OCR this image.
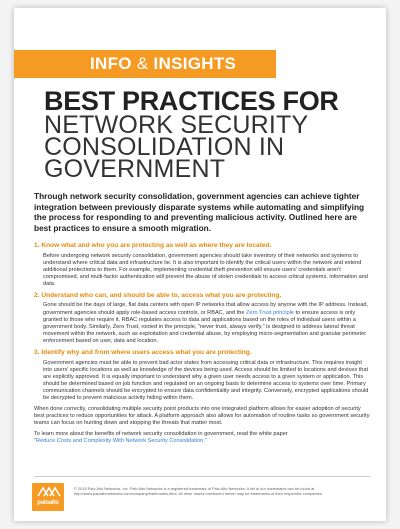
INFO & INSIGHTS
BEST PRACTICES FOR
NETWORK SECURITY
CONSOLIDATION IN
GOVERNMENT

Through network security consolidation, government agencies can achieve tighter integration between previously disparate systems while automating and simplifying the process for responding to and preventing malicious activity. Outlined here are best practices to ensure a smooth migration.

1. Know what and who you are protecting as well as where they are located.
Before undergoing network security consolidation, government agencies should take inventory of their networks and systems to understand where critical data and infrastructure lie. It is also important to identify the critical users within the network and extend additional protections to them. For example, implementing credential theft prevention will ensure users' credentials aren't compromised, and multi-factor authentication will prevent the abuse of stolen credentials to access critical systems, information and data.
2. Understand who can, and should be able to, access what you are protecting.
Gone should be the days of large, flat data centers with open IP networks that allow access by anyone with the IP address. Instead, government agencies should apply role-based access controls, or RBAC, and the Zero Trust principle to ensure access is only granted to those who require it. RBAC regulates access to data and applications based on the roles of individual users within a government body. Similarly, Zero Trust, rooted in the principle, "never trust, always verify," is designed to address lateral threat movement within the network, such as exploitation and credential abuse, by employing micro-segmentation and granular perimeter enforcement based on user, data and location.
3. Identify why and from where users access what you are protecting.
Government agencies must be able to prevent bad actor states from accessing critical data or infrastructure. This requires insight into users' specific locations as well as knowledge of the devices being used. Access should be limited to locations and devices that are explicitly approved. It is equally important to understand why a given user needs access to a given system or application. This should be determined based on job function and regulated on an ongoing basis to determine access to systems over time. Primary communication channels should be encrypted to ensure data confidentiality and integrity. Conversely, encrypted applications should be decrypted to prevent malicious activity hiding within them.
When done correctly, consolidating multiple security point products into one integrated platform allows for easier adoption of security best practices to reduce opportunities for attack. A platform approach also allows for automation of routine tasks so government security teams can focus on hunting down and stopping the threats that matter most.
To learn more about the benefits of network security consolidation in government, read the white paper
"Reduce Costs and Complexity With Network Security Consolidation."
paloalto

© 2018 Palo Alto Networks, Inc. Palo Alto Networks is a registered trademark of Palo Alto Networks. A list of our trademarks can be found at http://www.paloaltonetworks.com/company/trademarks.html. All other marks mentioned herein may be trademarks of their respective companies.
